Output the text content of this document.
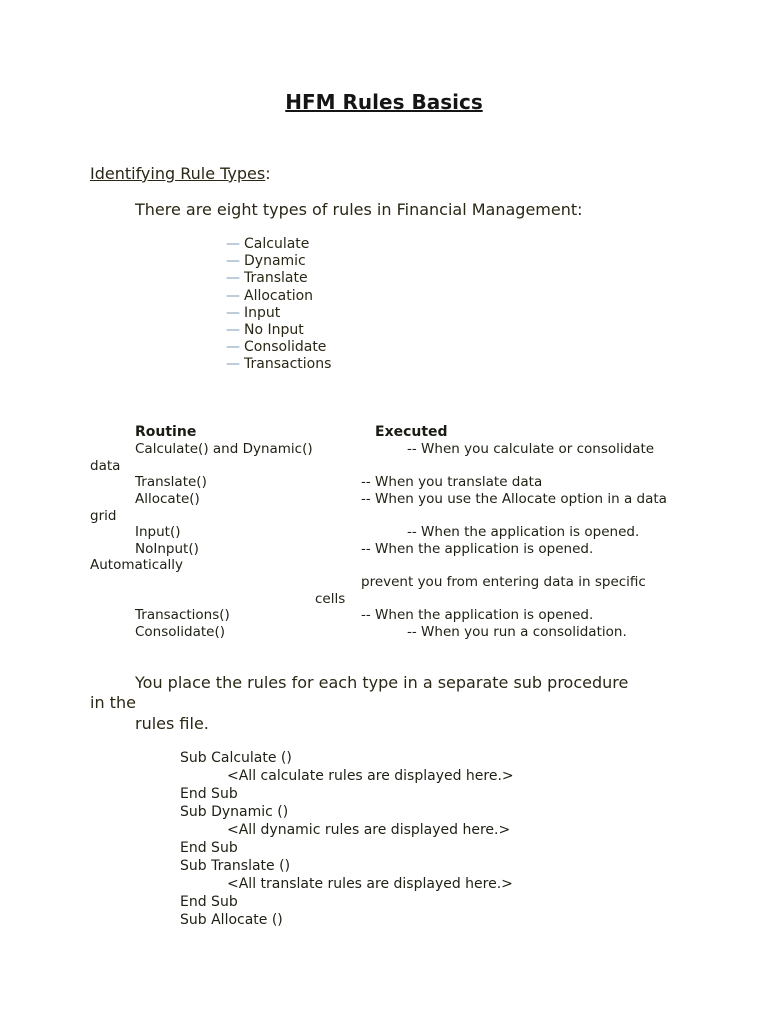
HFM Rules Basics
Identifying Rule Types:
There are eight types of rules in Financial Management:
— Calculate
— Dynamic
— Translate
— Allocation
— Input
— No Input
— Consolidate
— Transactions
Routine	Executed
Calculate() and Dynamic()	-- When you calculate or consolidate
data
Translate()	-- When you translate data
Allocate()	-- When you use the Allocate option in a data
grid
Input()	-- When the application is opened.
NoInput()	-- When the application is opened.
Automatically
prevent you from entering data in specific
cells
Transactions()	-- When the application is opened.
Consolidate()	-- When you run a consolidation.
You place the rules for each type in a separate sub procedure
in the
rules file.
Sub Calculate ()
<All calculate rules are displayed here.>
End Sub
Sub Dynamic ()
<All dynamic rules are displayed here.>
End Sub
Sub Translate ()
<All translate rules are displayed here.>
End Sub
Sub Allocate ()
